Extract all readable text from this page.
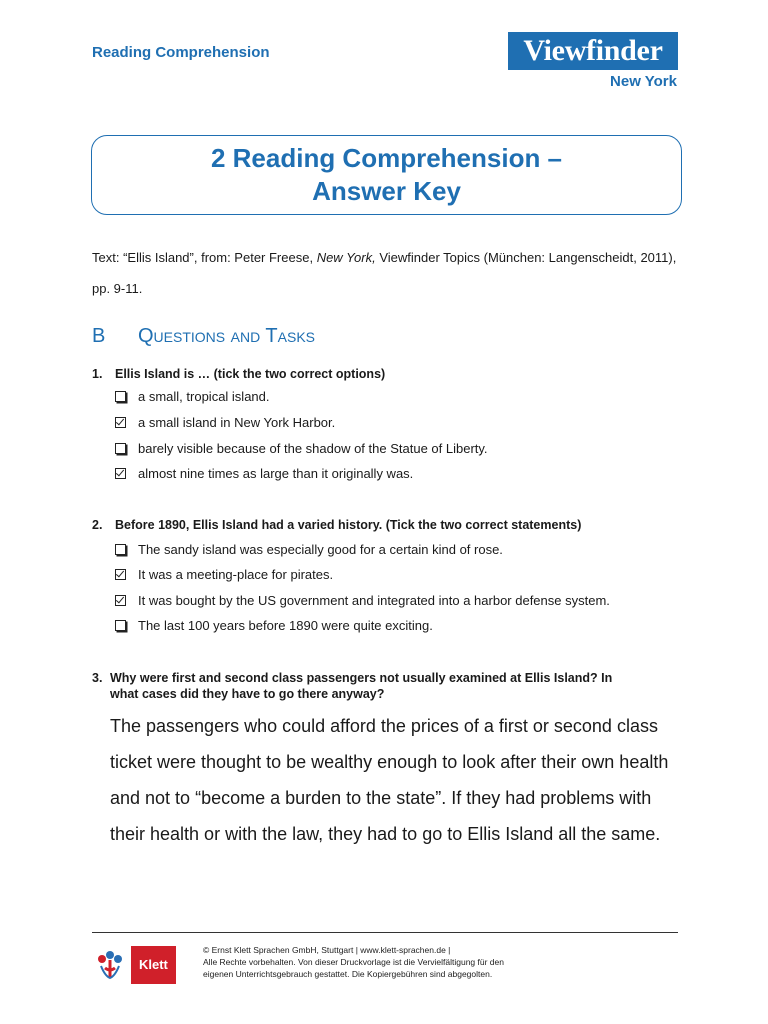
Reading Comprehension	Viewfinder
New York
2 Reading Comprehension –
Answer Key
Text: “Ellis Island”, from: Peter Freese, New York, Viewfinder Topics (München: Langenscheidt, 2011), pp. 9-11.
B Questions and Tasks
1. Ellis Island is … (tick the two correct options)
a small, tropical island.
a small island in New York Harbor.
barely visible because of the shadow of the Statue of Liberty.
almost nine times as large than it originally was.
2. Before 1890, Ellis Island had a varied history. (Tick the two correct statements)
The sandy island was especially good for a certain kind of rose.
It was a meeting-place for pirates.
It was bought by the US government and integrated into a harbor defense system.
The last 100 years before 1890 were quite exciting.
3. Why were first and second class passengers not usually examined at Ellis Island? In
what cases did they have to go there anyway?
The passengers who could afford the prices of a first or second class ticket were thought to be wealthy enough to look after their own health and not to “become a burden to the state”. If they had problems with their health or with the law, they had to go to Ellis Island all the same.
Klett
© Ernst Klett Sprachen GmbH, Stuttgart | www.klett-sprachen.de |
Alle Rechte vorbehalten. Von dieser Druckvorlage ist die Vervielfältigung für den
eigenen Unterrichtsgebrauch gestattet. Die Kopiergebühren sind abgegolten.
